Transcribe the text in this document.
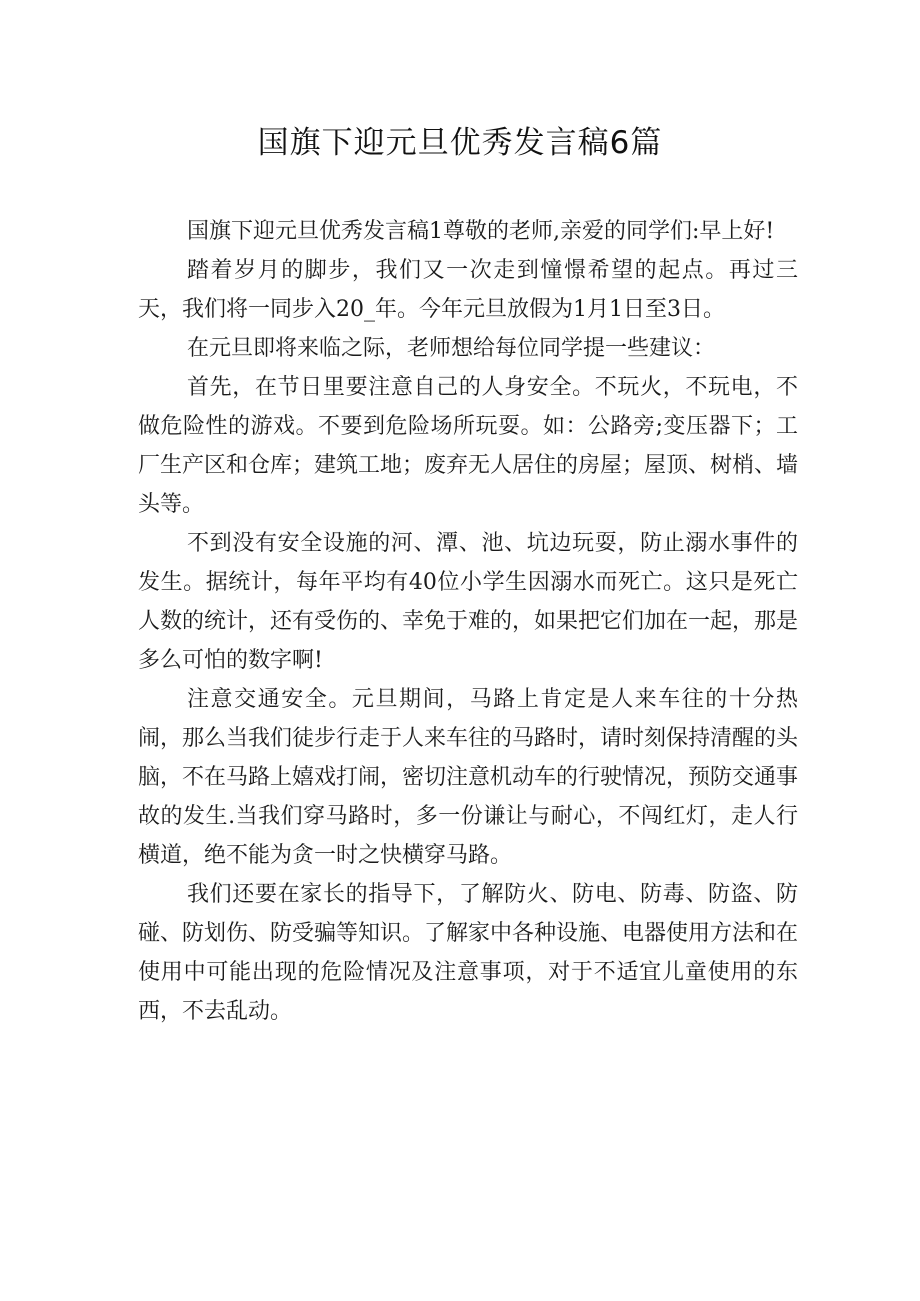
国旗下迎元旦优秀发言稿6篇

国旗下迎元旦优秀发言稿1尊敬的老师,亲爱的同学们:早上好!

踏着岁月的脚步，我们又一次走到憧憬希望的起点。再过三天，我们将一同步入20_年。今年元旦放假为1月1日至3日。

在元旦即将来临之际，老师想给每位同学提一些建议：

首先，在节日里要注意自己的人身安全。不玩火，不玩电，不做危险性的游戏。不要到危险场所玩耍。如：公路旁;变压器下；工厂生产区和仓库；建筑工地；废弃无人居住的房屋；屋顶、树梢、墙头等。

不到没有安全设施的河、潭、池、坑边玩耍，防止溺水事件的发生。据统计，每年平均有40位小学生因溺水而死亡。这只是死亡人数的统计，还有受伤的、幸免于难的，如果把它们加在一起，那是多么可怕的数字啊!

注意交通安全。元旦期间，马路上肯定是人来车往的十分热闹，那么当我们徒步行走于人来车往的马路时，请时刻保持清醒的头脑，不在马路上嬉戏打闹，密切注意机动车的行驶情况，预防交通事故的发生.当我们穿马路时，多一份谦让与耐心，不闯红灯，走人行横道，绝不能为贪一时之快横穿马路。

我们还要在家长的指导下，了解防火、防电、防毒、防盗、防碰、防划伤、防受骗等知识。了解家中各种设施、电器使用方法和在使用中可能出现的危险情况及注意事项，对于不适宜儿童使用的东西，不去乱动。
